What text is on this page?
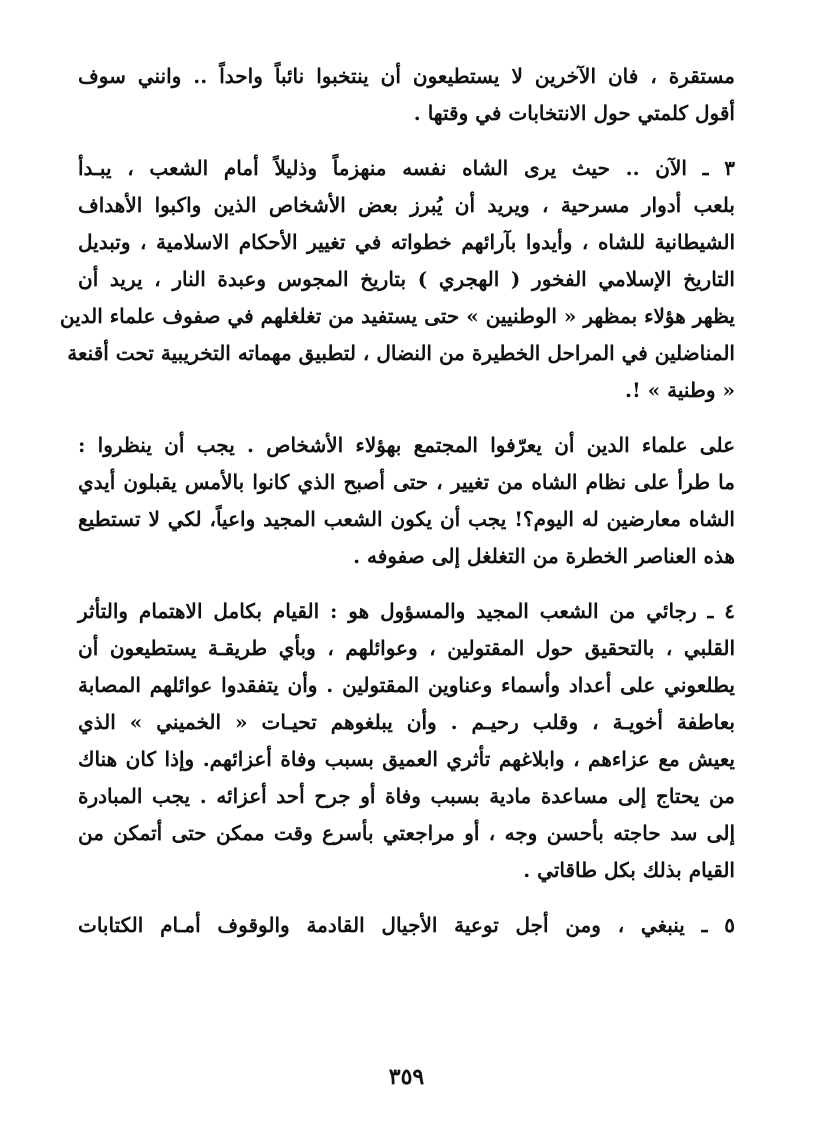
مستقرة ، فان الآخرين لا يستطيعون أن ينتخبوا نائباً واحداً .. وانني سوف
أقول كلمتي حول الانتخابات في وقتها .

٣ ـ الآن .. حيث يرى الشاه نفسه منهزماً وذليلاً أمام الشعب ، يبـدأ
بلعب أدوار مسرحية ، ويريد أن يُبرز بعض الأشخاص الذين واكبوا الأهداف
الشيطانية للشاه ، وأيدوا بآرائهم خطواته في تغيير الأحكام الاسلامية ، وتبديل
التاريخ الإسلامي الفخور ( الهجري ) بتاريخ المجوس وعبدة النار ، يريد أن
يظهر هؤلاء بمظهر « الوطنيين » حتى يستفيد من تغلغلهم في صفوف علماء الدين
المناضلين في المراحل الخطيرة من النضال ، لتطبيق مهماته التخريبية تحت أقنعة
« وطنية » !.

على علماء الدين أن يعرّفوا المجتمع بهؤلاء الأشخاص . يجب أن ينظروا :
ما طرأ على نظام الشاه من تغيير ، حتى أصبح الذي كانوا بالأمس يقبلون أيدي
الشاه معارضين له اليوم؟! يجب أن يكون الشعب المجيد واعياً، لكي لا تستطيع
هذه العناصر الخطرة من التغلغل إلى صفوفه .

٤ ـ رجائي من الشعب المجيد والمسؤول هو : القيام بكامل الاهتمام والتأثر
القلبي ، بالتحقيق حول المقتولين ، وعوائلهم ، وبأي طريقـة يستطيعون أن
يطلعوني على أعداد وأسماء وعناوين المقتولين . وأن يتفقدوا عوائلهم المصابة
بعاطفة أخويـة ، وقلب رحيـم . وأن يبلغوهم تحيـات « الخميني » الذي
يعيش مع عزاءهم ، وابلاغهم تأثري العميق بسبب وفاة أعزائهم. وإذا كان هناك
من يحتاج إلى مساعدة مادية بسبب وفاة أو جرح أحد أعزائه . يجب المبادرة
إلى سد حاجته بأحسن وجه ، أو مراجعتي بأسرع وقت ممكن حتى أتمكن من
القيام بذلك بكل طاقاتي .

٥ ـ ينبغي ، ومن أجل توعية الأجيال القادمة والوقوف أمـام الكتابات

٣٥٩
